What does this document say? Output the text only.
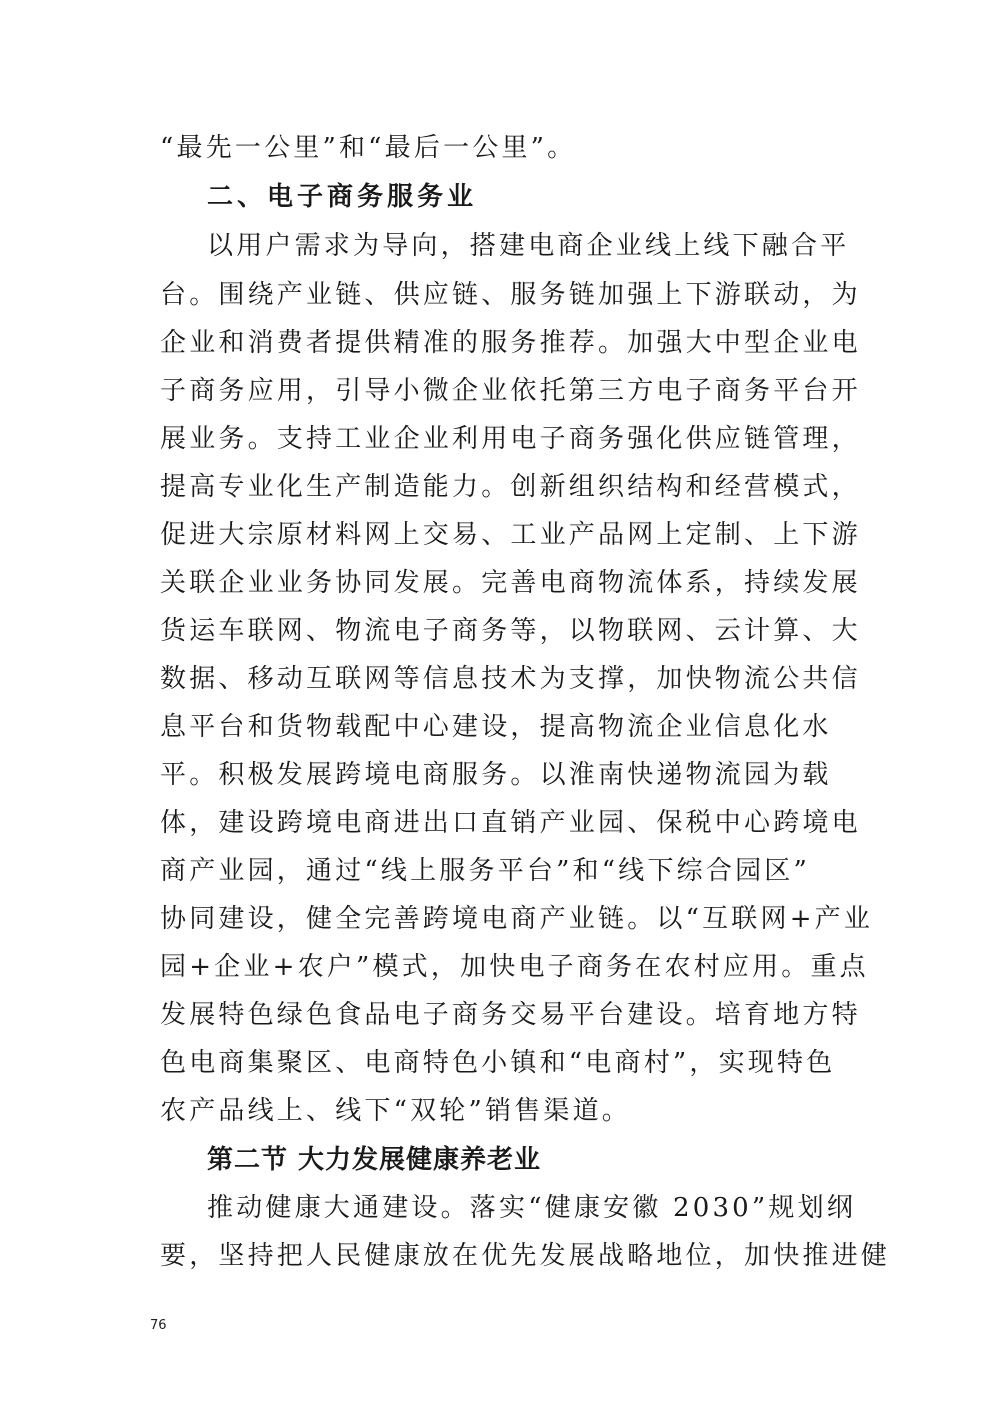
“最先一公里”和“最后一公里”。
二、电子商务服务业
以用户需求为导向，搭建电商企业线上线下融合平
台。围绕产业链、供应链、服务链加强上下游联动，为
企业和消费者提供精准的服务推荐。加强大中型企业电
子商务应用，引导小微企业依托第三方电子商务平台开
展业务。支持工业企业利用电子商务强化供应链管理，
提高专业化生产制造能力。创新组织结构和经营模式，
促进大宗原材料网上交易、工业产品网上定制、上下游
关联企业业务协同发展。完善电商物流体系，持续发展
货运车联网、物流电子商务等，以物联网、云计算、大
数据、移动互联网等信息技术为支撑，加快物流公共信
息平台和货物载配中心建设，提高物流企业信息化水
平。积极发展跨境电商服务。以淮南快递物流园为载
体，建设跨境电商进出口直销产业园、保税中心跨境电
商产业园，通过“线上服务平台”和“线下综合园区”
协同建设，健全完善跨境电商产业链。以“互联网+产业
园+企业+农户”模式，加快电子商务在农村应用。重点
发展特色绿色食品电子商务交易平台建设。培育地方特
色电商集聚区、电商特色小镇和“电商村”，实现特色
农产品线上、线下“双轮”销售渠道。
第二节 大力发展健康养老业
推动健康大通建设。落实“健康安徽 2030”规划纲
要，坚持把人民健康放在优先发展战略地位，加快推进健
76
